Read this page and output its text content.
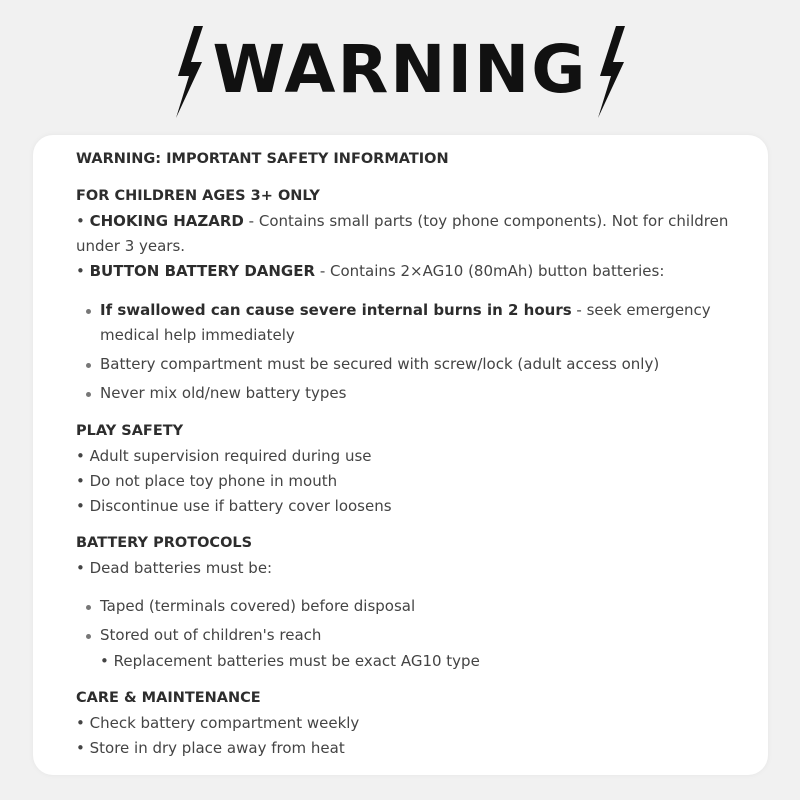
WARNING

WARNING: IMPORTANT SAFETY INFORMATION

FOR CHILDREN AGES 3+ ONLY

• CHOKING HAZARD - Contains small parts (toy phone components). Not for children under 3 years.

• BUTTON BATTERY DANGER - Contains 2×AG10 (80mAh) button batteries:

If swallowed can cause severe internal burns in 2 hours - seek emergency medical help immediately

Battery compartment must be secured with screw/lock (adult access only)

Never mix old/new battery types

PLAY SAFETY

• Adult supervision required during use

• Do not place toy phone in mouth

• Discontinue use if battery cover loosens

BATTERY PROTOCOLS

• Dead batteries must be:

Taped (terminals covered) before disposal

Stored out of children's reach

• Replacement batteries must be exact AG10 type

CARE & MAINTENANCE

• Check battery compartment weekly

• Store in dry place away from heat
